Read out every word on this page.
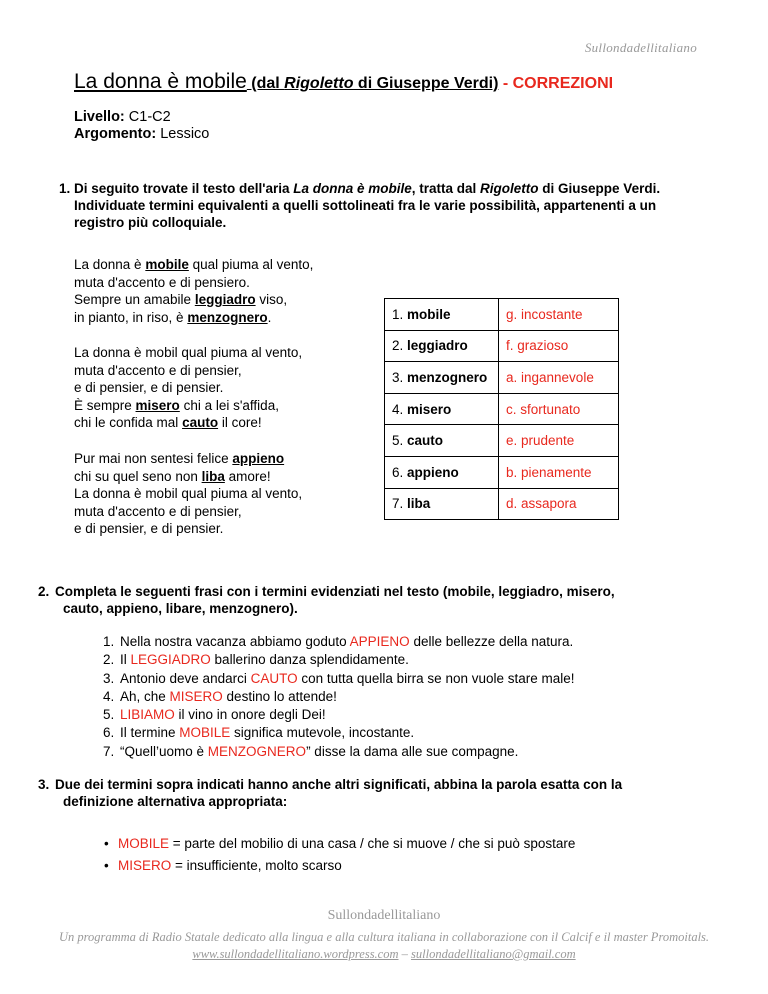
Sullondadellitaliano
La donna è mobile (dal Rigoletto di Giuseppe Verdi) - CORREZIONI
Livello: C1-C2
Argomento: Lessico
1. Di seguito trovate il testo dell'aria La donna è mobile, tratta dal Rigoletto di Giuseppe Verdi.
Individuate termini equivalenti a quelli sottolineati fra le varie possibilità, appartenenti a un
registro più colloquiale.
La donna è mobile qual piuma al vento,
muta d'accento e di pensiero.
Sempre un amabile leggiadro viso,
in pianto, in riso, è menzognero.
La donna è mobil qual piuma al vento,
muta d'accento e di pensier,
e di pensier, e di pensier.
È sempre misero chi a lei s'affida,
chi le confida mal cauto il core!
Pur mai non sentesi felice appieno
chi su quel seno non liba amore!
La donna è mobil qual piuma al vento,
muta d'accento e di pensier,
e di pensier, e di pensier.
1. mobile	g. incostante
2. leggiadro	f. grazioso
3. menzognero	a. ingannevole
4. misero	c. sfortunato
5. cauto	e. prudente
6. appieno	b. pienamente
7. liba	d. assapora
2. Completa le seguenti frasi con i termini evidenziati nel testo (mobile, leggiadro, misero,
cauto, appieno, libare, menzognero).
1. Nella nostra vacanza abbiamo goduto APPIENO delle bellezze della natura.
2. Il LEGGIADRO ballerino danza splendidamente.
3. Antonio deve andarci CAUTO con tutta quella birra se non vuole stare male!
4. Ah, che MISERO destino lo attende!
5. LIBIAMO il vino in onore degli Dei!
6. Il termine MOBILE significa mutevole, incostante.
7. “Quell’uomo è MENZOGNERO” disse la dama alle sue compagne.
3. Due dei termini sopra indicati hanno anche altri significati, abbina la parola esatta con la
definizione alternativa appropriata:
• MOBILE = parte del mobilio di una casa / che si muove / che si può spostare
• MISERO = insufficiente, molto scarso
Sullondadellitaliano
Un programma di Radio Statale dedicato alla lingua e alla cultura italiana in collaborazione con il Calcif e il master Promoitals.
www.sullondadellitaliano.wordpress.com – sullondadellitaliano@gmail.com
